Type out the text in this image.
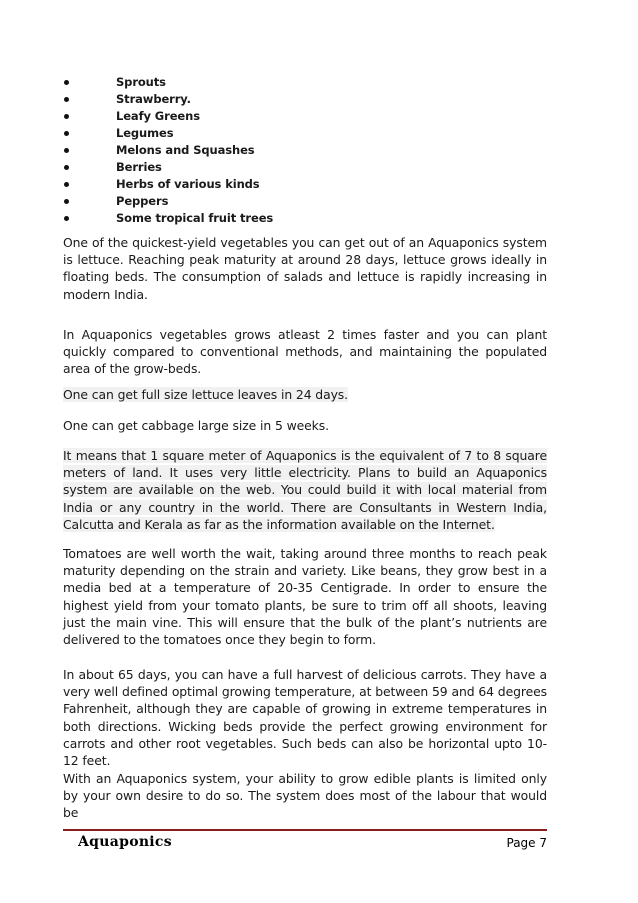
Sprouts
Strawberry.
Leafy Greens
Legumes
Melons and Squashes
Berries
Herbs of various kinds
Peppers
Some tropical fruit trees

One of the quickest-yield vegetables you can get out of an Aquaponics system is lettuce. Reaching peak maturity at around 28 days, lettuce grows ideally in floating beds. The consumption of salads and lettuce is rapidly increasing in modern India.

In Aquaponics vegetables grows atleast 2 times faster and you can plant quickly compared to conventional methods, and maintaining the populated area of the grow-beds.

One can get full size lettuce leaves in 24 days.

One can get cabbage large size in 5 weeks.

It means that 1 square meter of Aquaponics is the equivalent of 7 to 8 square meters of land. It uses very little electricity. Plans to build an Aquaponics system are available on the web. You could build it with local material from India or any country in the world. There are Consultants in Western India, Calcutta and Kerala as far as the information available on the Internet.

Tomatoes are well worth the wait, taking around three months to reach peak maturity depending on the strain and variety. Like beans, they grow best in a media bed at a temperature of 20-35 Centigrade. In order to ensure the highest yield from your tomato plants, be sure to trim off all shoots, leaving just the main vine. This will ensure that the bulk of the plant’s nutrients are delivered to the tomatoes once they begin to form.

In about 65 days, you can have a full harvest of delicious carrots. They have a very well defined optimal growing temperature, at between 59 and 64 degrees Fahrenheit, although they are capable of growing in extreme temperatures in both directions. Wicking beds provide the perfect growing environment for carrots and other root vegetables. Such beds can also be horizontal upto 10-12 feet.

With an Aquaponics system, your ability to grow edible plants is limited only by your own desire to do so. The system does most of the labour that would be

Aquaponics	Page 7
